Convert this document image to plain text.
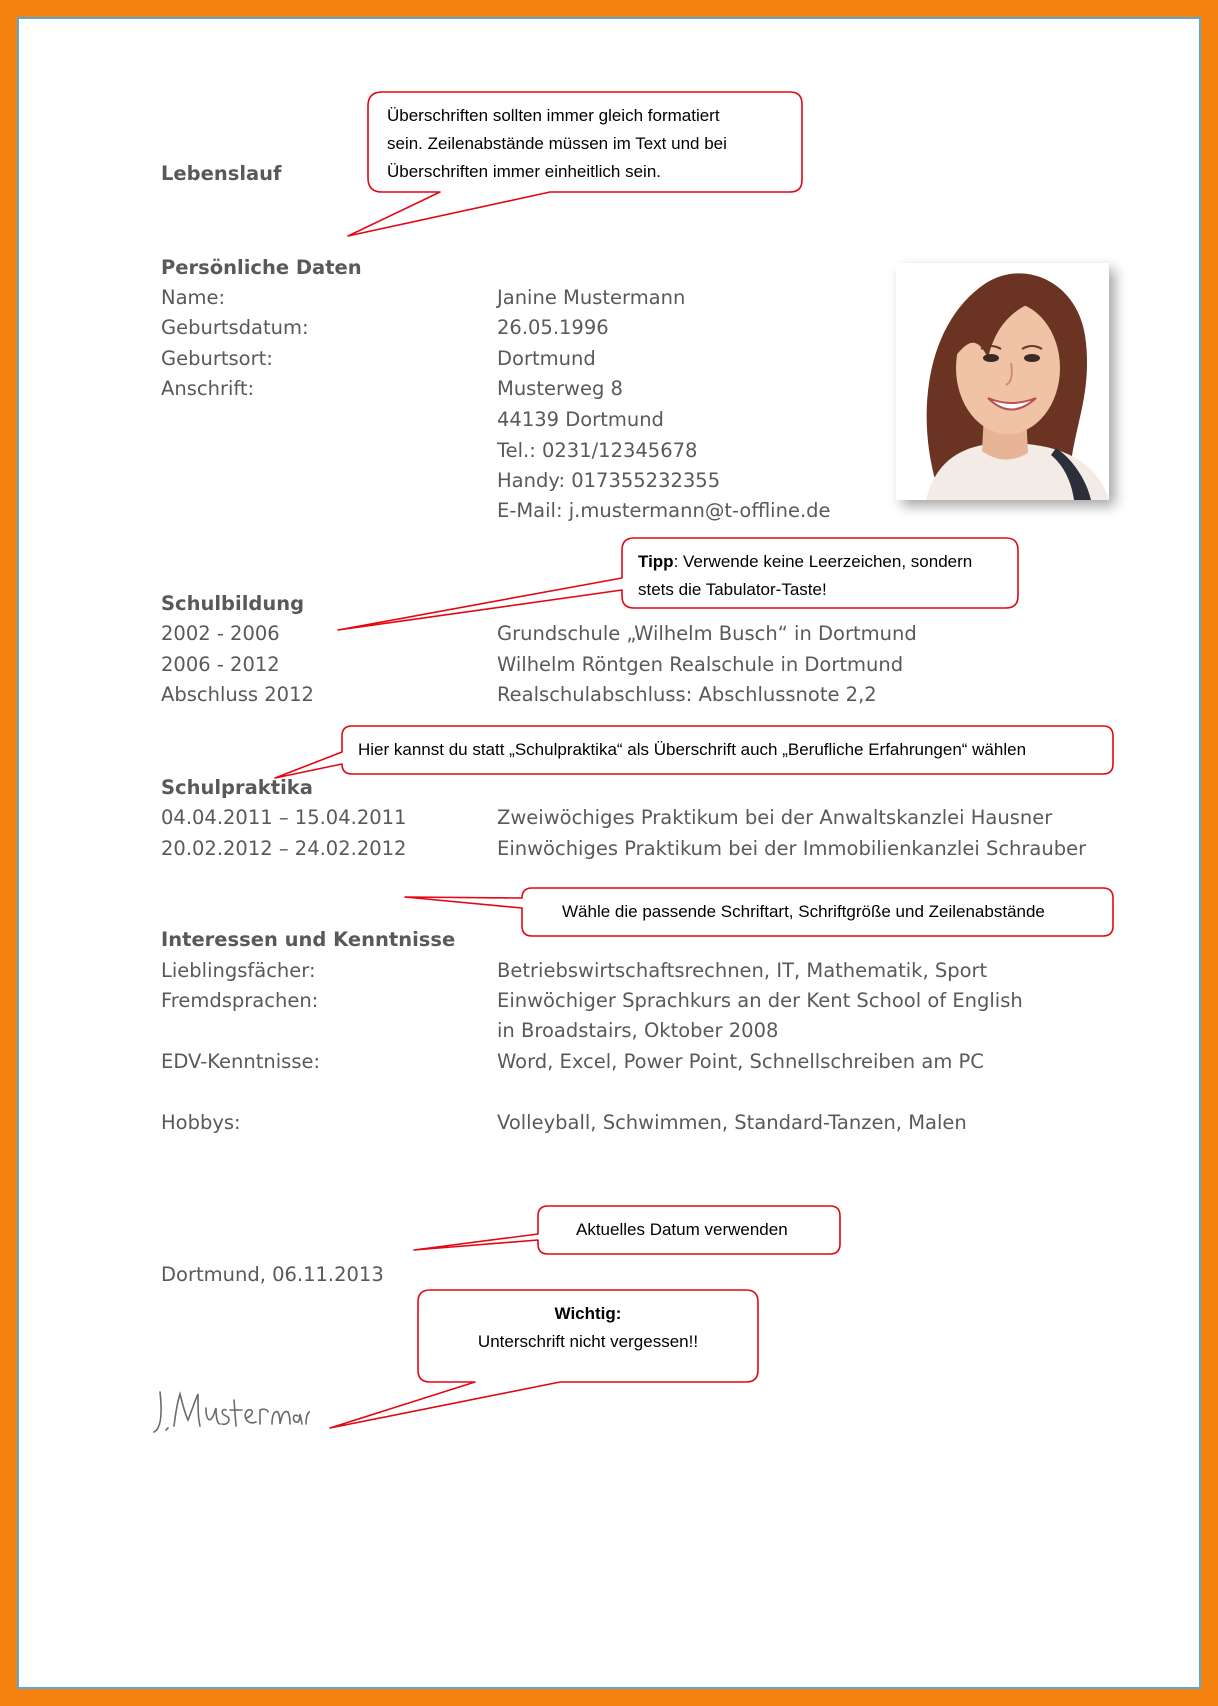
Lebenslauf
Persönliche Daten
Name:	Janine Mustermann
Geburtsdatum:	26.05.1996
Geburtsort:	Dortmund
Anschrift:	Musterweg 8
44139 Dortmund
Tel.: 0231/12345678
Handy: 017355232355
E-Mail: j.mustermann@t-offline.de
Schulbildung
2002 - 2006	Grundschule „Wilhelm Busch“ in Dortmund
2006 - 2012	Wilhelm Röntgen Realschule in Dortmund
Abschluss 2012	Realschulabschluss: Abschlussnote 2,2
Schulpraktika
04.04.2011 – 15.04.2011	Zweiwöchiges Praktikum bei der Anwaltskanzlei Hausner
20.02.2012 – 24.02.2012	Einwöchiges Praktikum bei der Immobilienkanzlei Schrauber
Interessen und Kenntnisse
Lieblingsfächer:	Betriebswirtschaftsrechnen, IT, Mathematik, Sport
Fremdsprachen:	Einwöchiger Sprachkurs an der Kent School of English
in Broadstairs, Oktober 2008
EDV-Kenntnisse:	Word, Excel, Power Point, Schnellschreiben am PC
Hobbys:	Volleyball, Schwimmen, Standard-Tanzen, Malen
Dortmund, 06.11.2013
Überschriften sollten immer gleich formatiert
sein. Zeilenabstände müssen im Text und bei
Überschriften immer einheitlich sein.
Tipp: Verwende keine Leerzeichen, sondern
stets die Tabulator-Taste!
Hier kannst du statt „Schulpraktika“ als Überschrift auch „Berufliche Erfahrungen“ wählen
Wähle die passende Schriftart, Schriftgröße und Zeilenabstände
Aktuelles Datum verwenden
Wichtig:
Unterschrift nicht vergessen!!
